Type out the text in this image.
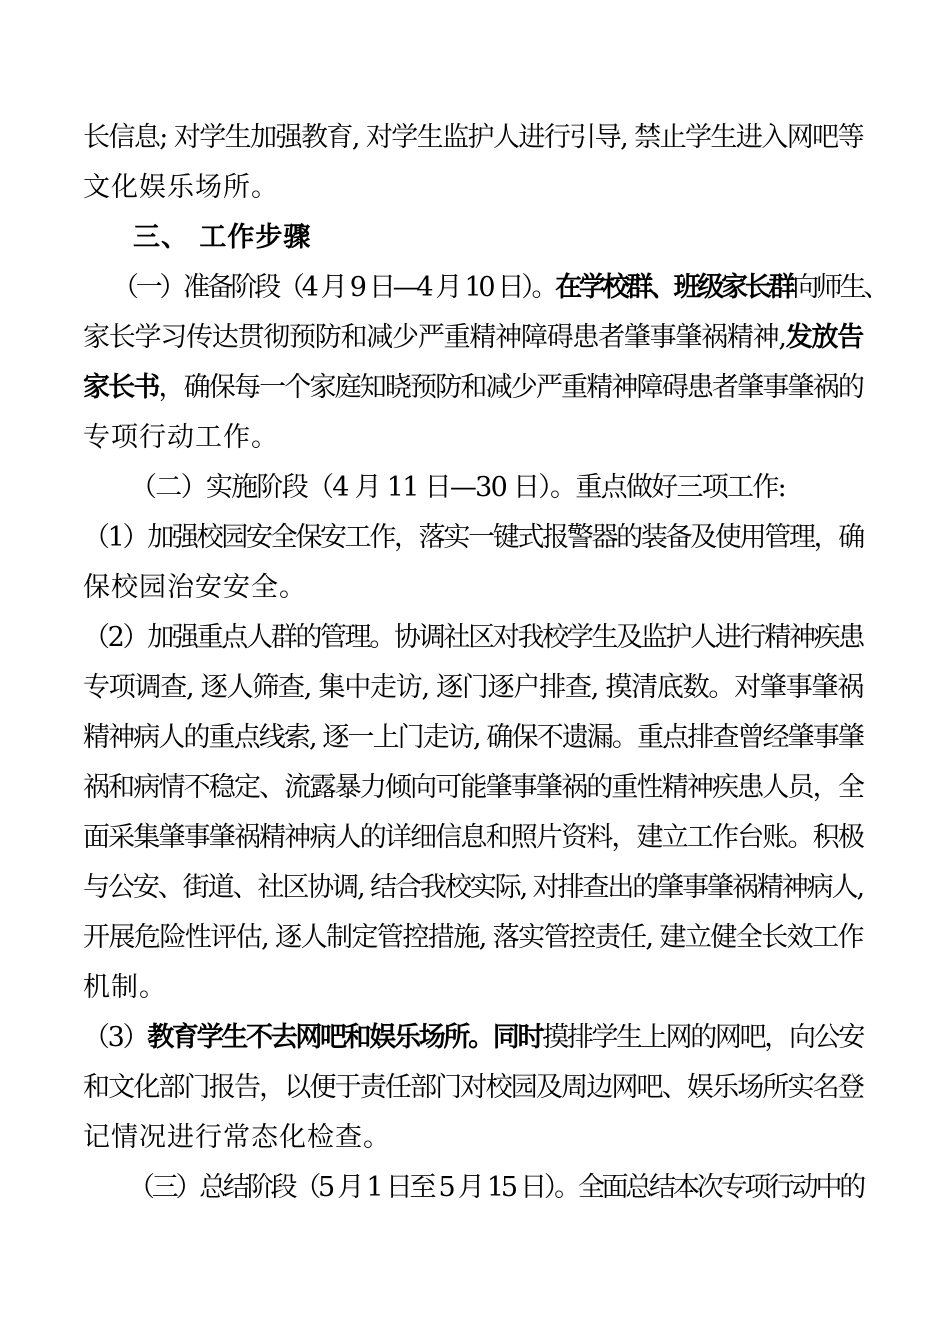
长信息; 对学生加强教育, 对学生监护人进行引导, 禁止学生进入网吧等
文化娱乐场所。
三、 工作步骤
（一）准备阶段（4 月 9 日—4 月 10 日）。在学校群、班级家长群向师生、
家长学习传达贯彻预防和减少严重精神障碍患者肇事肇祸精神,发放告
家长书，确保每一个家庭知晓预防和减少严重精神障碍患者肇事肇祸的
专项行动工作。
（二）实施阶段（4 月 11 日—30 日）。重点做好三项工作:
（1）加强校园安全保安工作，落实一键式报警器的装备及使用管理，确
保校园治安安全。
（2）加强重点人群的管理。协调社区对我校学生及监护人进行精神疾患
专项调查, 逐人筛查, 集中走访, 逐门逐户排查, 摸清底数。对肇事肇祸
精神病人的重点线索, 逐一上门走访, 确保不遗漏。重点排查曾经肇事肇
祸和病情不稳定、流露暴力倾向可能肇事肇祸的重性精神疾患人员，全
面采集肇事肇祸精神病人的详细信息和照片资料，建立工作台账。积极
与公安、街道、社区协调, 结合我校实际, 对排查出的肇事肇祸精神病人,
开展危险性评估, 逐人制定管控措施, 落实管控责任, 建立健全长效工作
机制。
（3）教育学生不去网吧和娱乐场所。同时摸排学生上网的网吧，向公安
和文化部门报告，以便于责任部门对校园及周边网吧、娱乐场所实名登
记情况进行常态化检查。
（三）总结阶段（5 月 1 日至 5 月 15 日）。全面总结本次专项行动中的
